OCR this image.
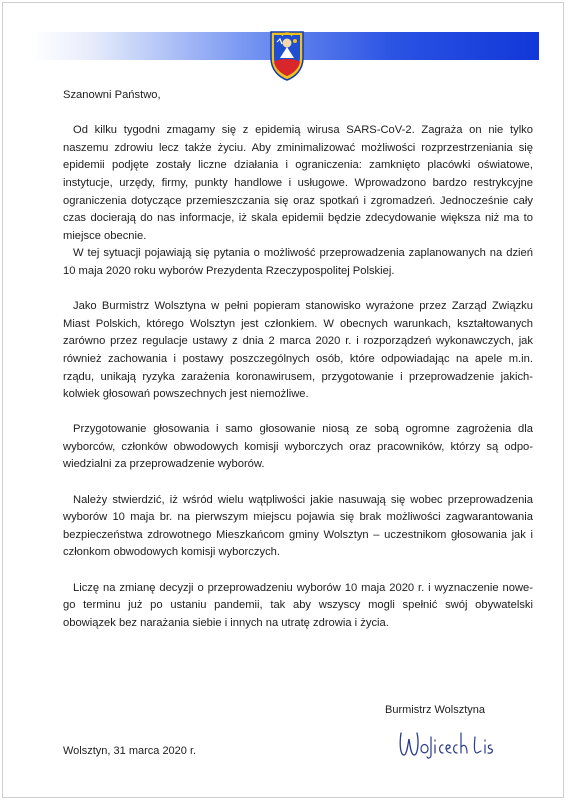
Szanowni Państwo,

Od kilku tygodni zmagamy się z epidemią wirusa SARS-CoV-2. Zagraża on nie tylko naszemu zdrowiu lecz także życiu. Aby zminimalizować możliwości rozprzestrzeniania się epidemii podjęte zostały liczne działania i ograniczenia: zamknięto placówki oświatowe, instytucje, urzędy, firmy, punkty handlowe i usługowe. Wprowadzono bardzo restrykcyjne ograniczenia dotyczące przemieszczania się oraz spotkań i zgromadzeń. Jednocześnie cały czas docierają do nas informacje, iż skala epidemii będzie zdecydowanie większa niż ma to miejsce obecnie.

W tej sytuacji pojawiają się pytania o możliwość przeprowadzenia zaplanowanych na dzień 10 maja 2020 roku wyborów Prezydenta Rzeczypospolitej Polskiej.

Jako Burmistrz Wolsztyna w pełni popieram stanowisko wyrażone przez Zarząd Związku Miast Polskich, którego Wolsztyn jest członkiem. W obecnych warunkach, kształtowanych zarówno przez regulacje ustawy z dnia 2 marca 2020 r. i rozporządzeń wykonawczych, jak również zachowania i postawy poszczególnych osób, które odpowiadając na apele m.in. rządu, unikają ryzyka zarażenia koronawirusem, przygotowanie i przeprowadzenie jakich-kolwiek głosowań powszechnych jest niemożliwe.

Przygotowanie głosowania i samo głosowanie niosą ze sobą ogromne zagrożenia dla wyborców, członków obwodowych komisji wyborczych oraz pracowników, którzy są odpo-wiedzialni za przeprowadzenie wyborów.

Należy stwierdzić, iż wśród wielu wątpliwości jakie nasuwają się wobec przeprowadzenia wyborów 10 maja br. na pierwszym miejscu pojawia się brak możliwości zagwarantowania bezpieczeństwa zdrowotnego Mieszkańcom gminy Wolsztyn – uczestnikom głosowania jak i członkom obwodowych komisji wyborczych.

Liczę na zmianę decyzji o przeprowadzeniu wyborów 10 maja 2020 r. i wyznaczenie nowe-go terminu już po ustaniu pandemii, tak aby wszyscy mogli spełnić swój obywatelski obowiązek bez narażania siebie i innych na utratę zdrowia i życia.

Burmistrz Wolsztyna
Wolsztyn, 31 marca 2020 r.
